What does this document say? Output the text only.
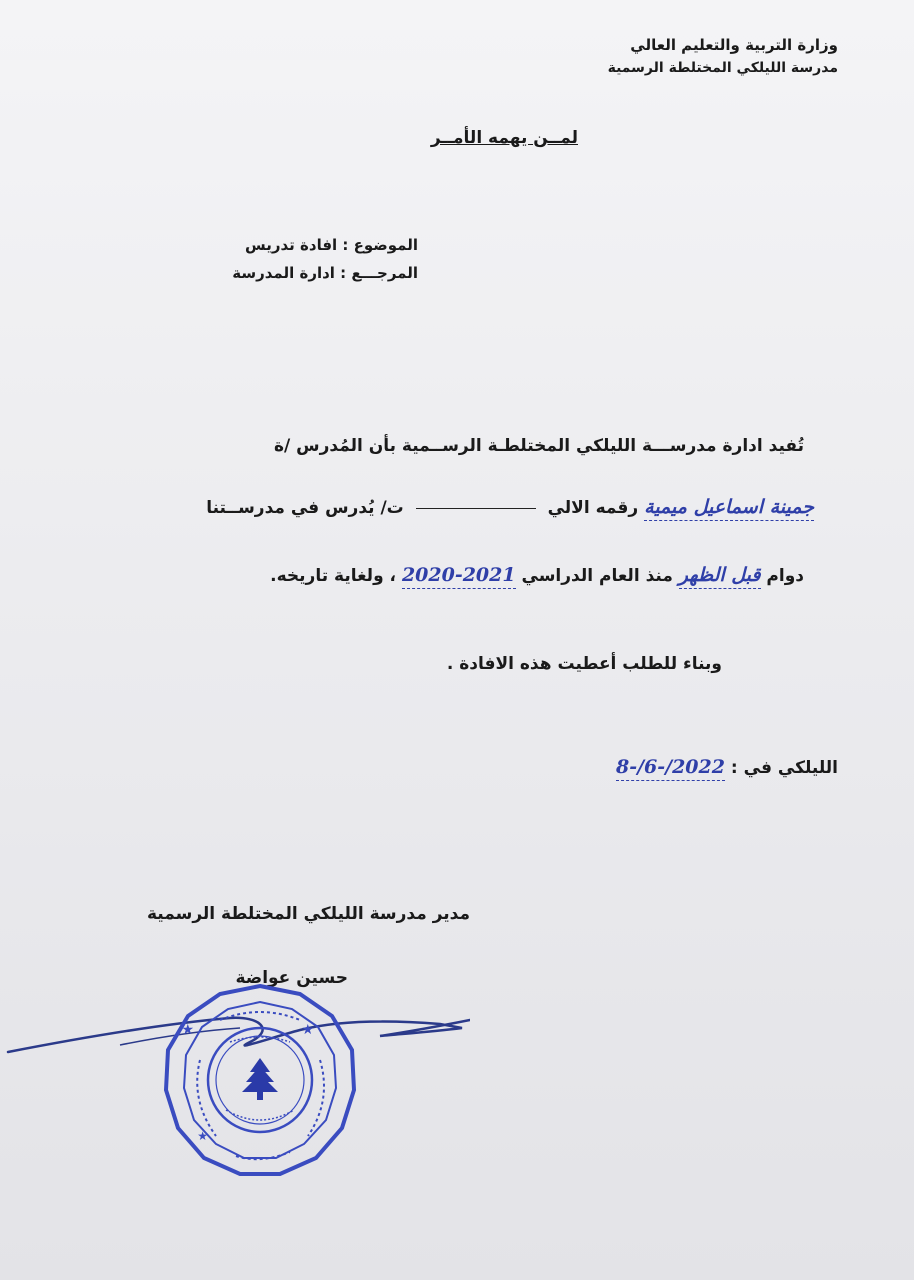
وزارة التربية والتعليم العالي
مدرسة الليلكي المختلطة الرسمية
لمــن يهمه الأمــر
الموضوع : افادة تدريس
المرجـــع : ادارة المدرسة
تُفيد ادارة مدرســـة الليلكي المختلطـة الرســمية بأن المُدرس /ة
جمينة اسماعيل ميمية رقمه الالي  ت/ يُدرس في مدرســتنا
دوام قبل الظهر منذ العام الدراسي 2020-2021 ، ولغاية تاريخه.
وبناء للطلب أعطيت هذه الافادة .
الليلكي في : 8-/6-/2022
مدير مدرسة الليلكي المختلطة الرسمية
حسين عواضة
★	★
★
